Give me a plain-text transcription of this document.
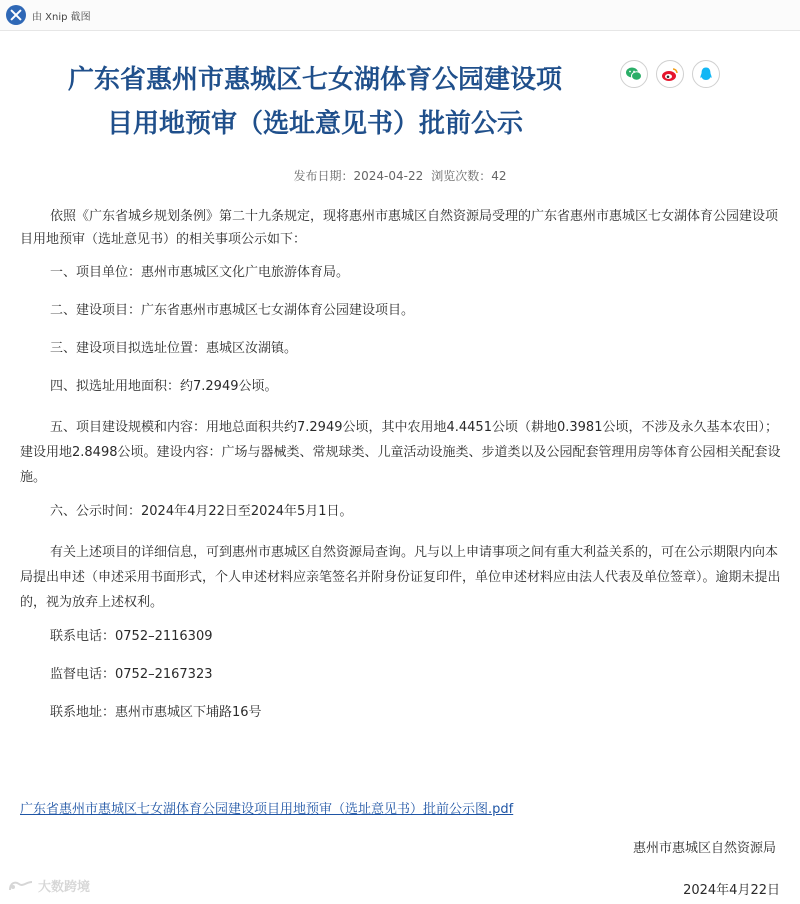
由 Xnip 截图
广东省惠州市惠城区七女湖体育公园建设项
目用地预审（选址意见书）批前公示
发布日期：2024-04-22 浏览次数：42

依照《广东省城乡规划条例》第二十九条规定，现将惠州市惠城区自然资源局受理的广东省惠州市惠城区七女湖体育公园建设项目用地预审（选址意见书）的相关事项公示如下：

一、项目单位：惠州市惠城区文化广电旅游体育局。

二、建设项目：广东省惠州市惠城区七女湖体育公园建设项目。

三、建设项目拟选址位置：惠城区汝湖镇。

四、拟选址用地面积：约7.2949公顷。

五、项目建设规模和内容：用地总面积共约7.2949公顷，其中农用地4.4451公顷（耕地0.3981公顷，不涉及永久基本农田）；建设用地2.8498公顷。建设内容：广场与器械类、常规球类、儿童活动设施类、步道类以及公园配套管理用房等体育公园相关配套设施。

六、公示时间：2024年4月22日至2024年5月1日。

有关上述项目的详细信息，可到惠州市惠城区自然资源局查询。凡与以上申请事项之间有重大利益关系的，可在公示期限内向本局提出申述（申述采用书面形式，个人申述材料应亲笔签名并附身份证复印件，单位申述材料应由法人代表及单位签章）。逾期未提出的，视为放弃上述权利。

联系电话：0752–2116309

监督电话：0752–2167323

联系地址：惠州市惠城区下埔路16号

广东省惠州市惠城区七女湖体育公园建设项目用地预审（选址意见书）批前公示图.pdf
惠州市惠城区自然资源局
2024年4月22日
大数跨境
